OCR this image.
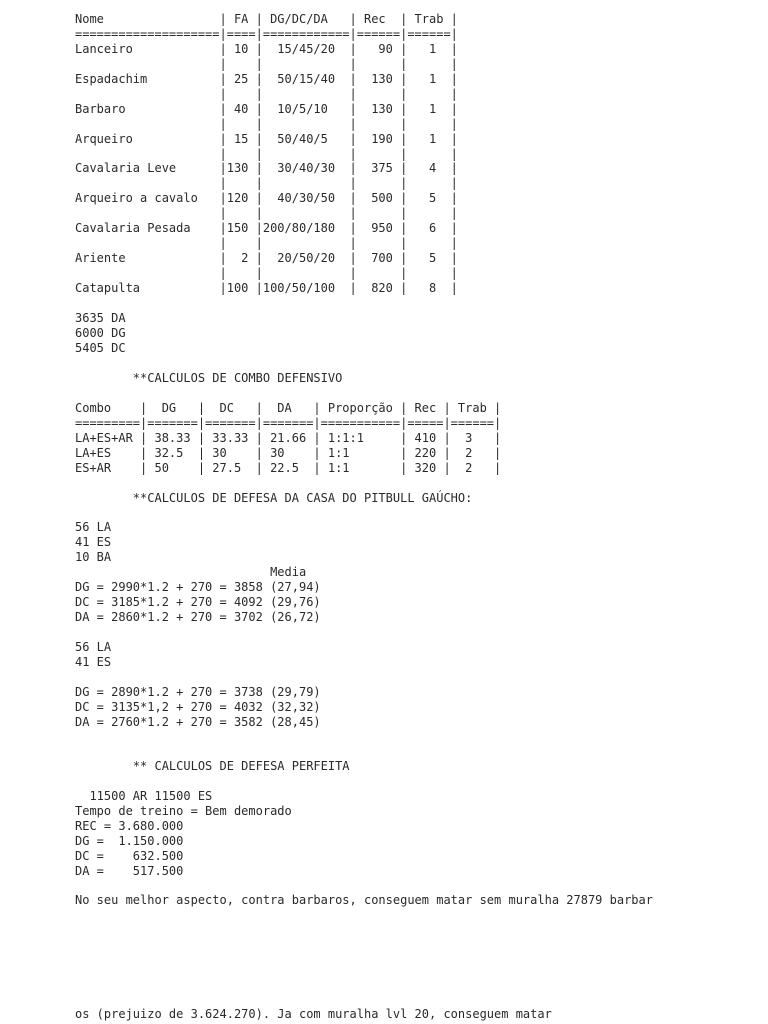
Nome                | FA | DG/DC/DA   | Rec  | Trab |
====================|====|============|======|======|
Lanceiro            | 10 |  15/45/20  |   90 |   1  |
|    |            |      |      |
Espadachim          | 25 |  50/15/40  |  130 |   1  |
|    |            |      |      |
Barbaro             | 40 |  10/5/10   |  130 |   1  |
|    |            |      |      |
Arqueiro            | 15 |  50/40/5   |  190 |   1  |
|    |            |      |      |
Cavalaria Leve      |130 |  30/40/30  |  375 |   4  |
|    |            |      |      |
Arqueiro a cavalo   |120 |  40/30/50  |  500 |   5  |
|    |            |      |      |
Cavalaria Pesada    |150 |200/80/180  |  950 |   6  |
|    |            |      |      |
Ariente             |  2 |  20/50/20  |  700 |   5  |
|    |            |      |      |
Catapulta           |100 |100/50/100  |  820 |   8  |
3635 DA
6000 DG
5405 DC
**CALCULOS DE COMBO DEFENSIVO
Combo    |  DG   |  DC   |  DA   | Proporção | Rec | Trab |
=========|=======|=======|=======|===========|=====|======|
LA+ES+AR | 38.33 | 33.33 | 21.66 | 1:1:1     | 410 |  3   |
LA+ES    | 32.5  | 30    | 30    | 1:1       | 220 |  2   |
ES+AR    | 50    | 27.5  | 22.5  | 1:1       | 320 |  2   |
**CALCULOS DE DEFESA DA CASA DO PITBULL GAÚCHO:
56 LA
41 ES
10 BA
Media
DG = 2990*1.2 + 270 = 3858 (27,94)
DC = 3185*1.2 + 270 = 4092 (29,76)
DA = 2860*1.2 + 270 = 3702 (26,72)
56 LA
41 ES
DG = 2890*1.2 + 270 = 3738 (29,79)
DC = 3135*1,2 + 270 = 4032 (32,32)
DA = 2760*1.2 + 270 = 3582 (28,45)
** CALCULOS DE DEFESA PERFEITA
11500 AR 11500 ES
Tempo de treino = Bem demorado
REC = 3.680.000
DG =  1.150.000
DC =    632.500
DA =    517.500
No seu melhor aspecto, contra barbaros, conseguem matar sem muralha 27879 barbar
os (prejuizo de 3.624.270). Ja com muralha lvl 20, conseguem matar
